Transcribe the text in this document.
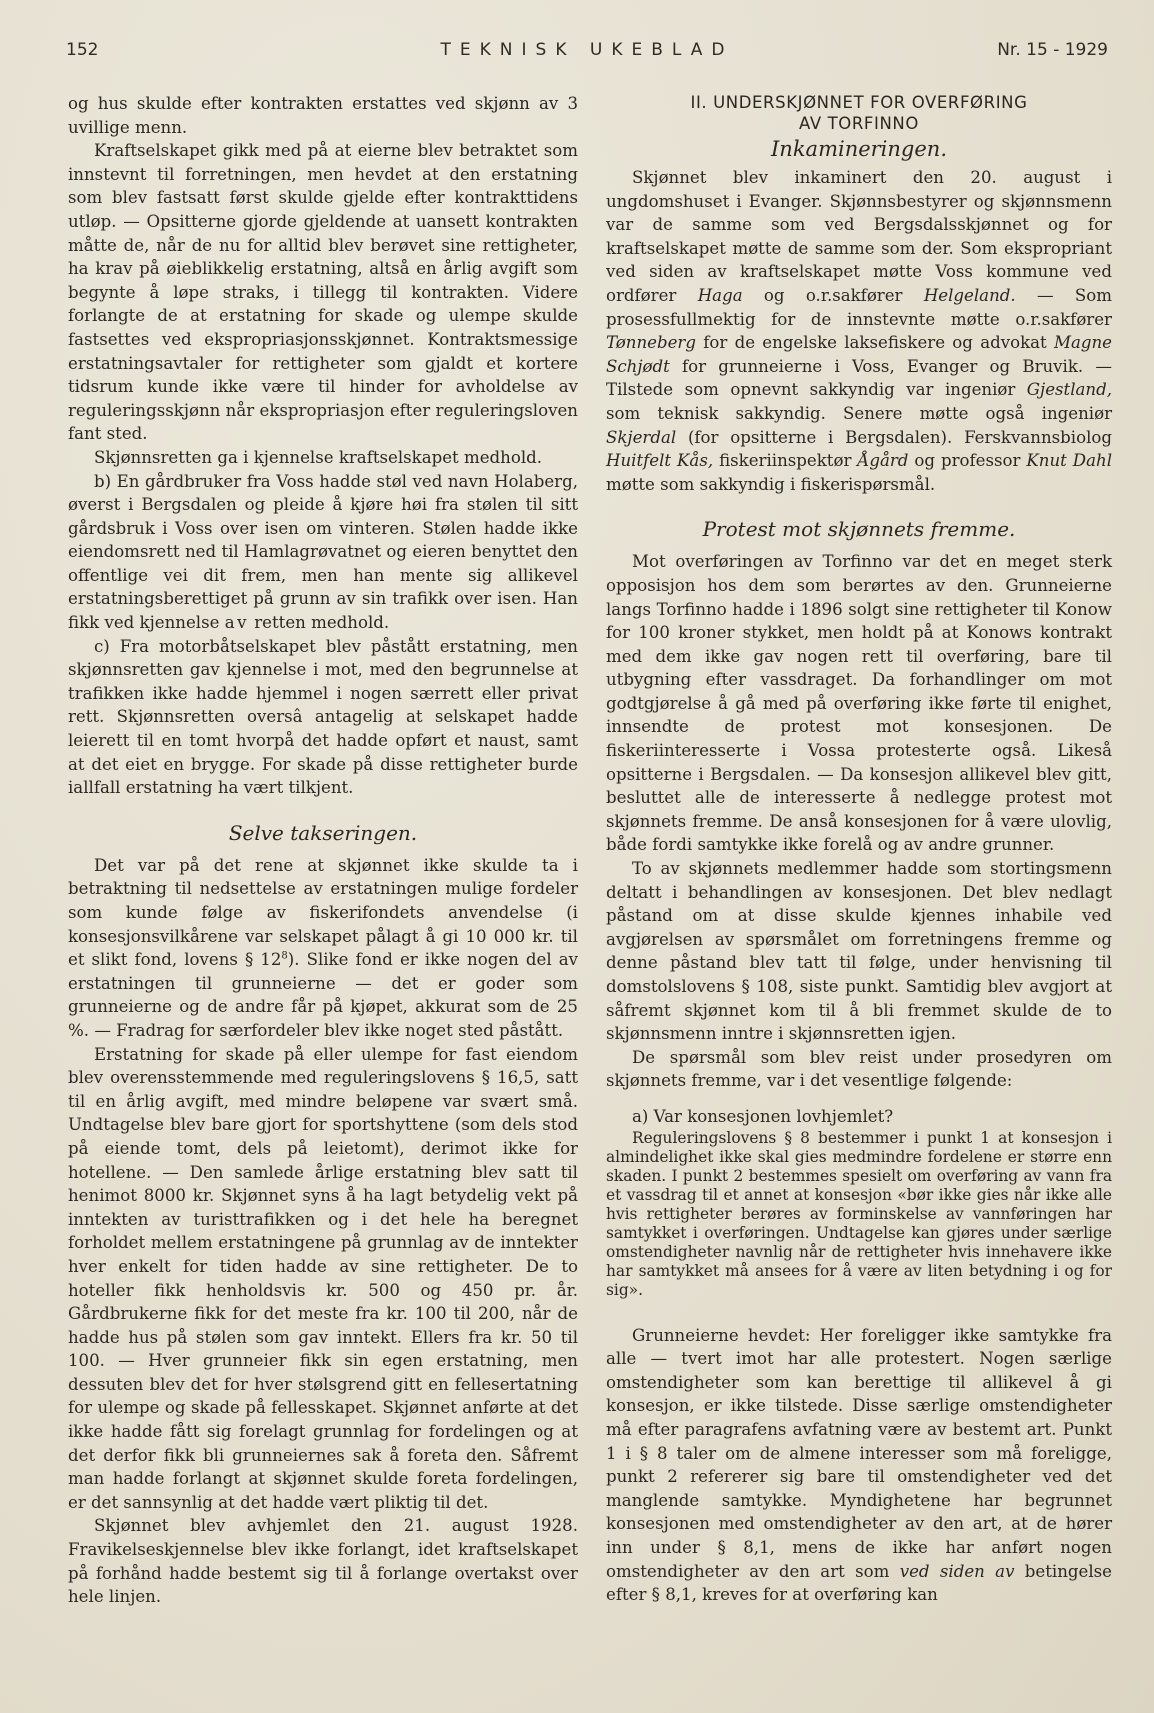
152	TEKNISK UKEBLAD	Nr. 15 - 1929

og hus skulde efter kontrakten erstattes ved skjønn av 3 uvillige menn.

Kraftselskapet gikk med på at eierne blev betraktet som innstevnt til forretningen, men hevdet at den erstatning som blev fastsatt først skulde gjelde efter kontrakttidens utløp. — Opsitterne gjorde gjeldende at uansett kontrakten måtte de, når de nu for alltid blev berøvet sine rettigheter, ha krav på øieblikkelig erstatning, altså en årlig avgift som begynte å løpe straks, i tillegg til kontrakten. Videre forlangte de at erstatning for skade og ulempe skulde fastsettes ved ekspropriasjonsskjønnet. Kontraktsmessige erstatningsavtaler for rettigheter som gjaldt et kortere tidsrum kunde ikke være til hinder for avholdelse av reguleringsskjønn når ekspropriasjon efter reguleringsloven fant sted.

Skjønnsretten ga i kjennelse kraftselskapet medhold.

b) En gårdbruker fra Voss hadde støl ved navn Holaberg, øverst i Bergsdalen og pleide å kjøre høi fra stølen til sitt gårdsbruk i Voss over isen om vinteren. Stølen hadde ikke eiendomsrett ned til Hamlagrøvatnet og eieren benyttet den offentlige vei dit frem, men han mente sig allikevel erstatningsberettiget på grunn av sin trafikk over isen. Han fikk ved kjennelse av retten medhold.

c) Fra motorbåtselskapet blev påstått erstatning, men skjønnsretten gav kjennelse i mot, med den begrunnelse at trafikken ikke hadde hjemmel i nogen særrett eller privat rett. Skjønnsretten oversâ antagelig at selskapet hadde leierett til en tomt hvorpå det hadde opført et naust, samt at det eiet en brygge. For skade på disse rettigheter burde iallfall erstatning ha vært tilkjent.

Selve takseringen.

Det var på det rene at skjønnet ikke skulde ta i betraktning til nedsettelse av erstatningen mulige fordeler som kunde følge av fiskerifondets anvendelse (i konsesjonsvilkårene var selskapet pålagt å gi 10 000 kr. til et slikt fond, lovens § $12^8$). Slike fond er ikke nogen del av erstatningen til grunneierne — det er goder som grunneierne og de andre får på kjøpet, akkurat som de 25 %. — Fradrag for særfordeler blev ikke noget sted påstått.

Erstatning for skade på eller ulempe for fast eiendom blev overensstemmende med reguleringslovens § 16,5, satt til en årlig avgift, med mindre beløpene var svært små. Undtagelse blev bare gjort for sportshyttene (som dels stod på eiende tomt, dels på leietomt), derimot ikke for hotellene. — Den samlede årlige erstatning blev satt til henimot 8000 kr. Skjønnet syns å ha lagt betydelig vekt på inntekten av turisttrafikken og i det hele ha beregnet forholdet mellem erstatningene på grunnlag av de inntekter hver enkelt for tiden hadde av sine rettigheter. De to hoteller fikk henholdsvis kr. 500 og 450 pr. år. Gårdbrukerne fikk for det meste fra kr. 100 til 200, når de hadde hus på stølen som gav inntekt. Ellers fra kr. 50 til 100. — Hver grunneier fikk sin egen erstatning, men dessuten blev det for hver stølsgrend gitt en fellesertatning for ulempe og skade på fellesskapet. Skjønnet anførte at det ikke hadde fått sig forelagt grunnlag for fordelingen og at det derfor fikk bli grunneiernes sak å foreta den. Såfremt man hadde forlangt at skjønnet skulde foreta fordelingen, er det sannsynlig at det hadde vært pliktig til det.

Skjønnet blev avhjemlet den 21. august 1928. Fravikelseskjennelse blev ikke forlangt, idet kraftselskapet på forhånd hadde bestemt sig til å forlange overtakst over hele linjen.

II. UNDERSKJØNNET FOR OVERFØRING
AV TORFINNO
Inkamineringen.

Skjønnet blev inkaminert den 20. august i ungdomshuset i Evanger. Skjønnsbestyrer og skjønnsmenn var de samme som ved Bergsdalsskjønnet og for kraftselskapet møtte de samme som der. Som ekspropriant ved siden av kraftselskapet møtte Voss kommune ved ordfører Haga og o.r.sakfører Helgeland. — Som prosessfullmektig for de innstevnte møtte o.r.sakfører Tønneberg for de engelske laksefiskere og advokat Magne Schjødt for grunneierne i Voss, Evanger og Bruvik. — Tilstede som opnevnt sakkyndig var ingeniør Gjestland, som teknisk sakkyndig. Senere møtte også ingeniør Skjerdal (for opsitterne i Bergsdalen). Ferskvannsbiolog Huitfelt Kås, fiskeriinspektør Ågård og professor Knut Dahl møtte som sakkyndig i fiskerispørsmål.

Protest mot skjønnets fremme.

Mot overføringen av Torfinno var det en meget sterk opposisjon hos dem som berørtes av den. Grunneierne langs Torfinno hadde i 1896 solgt sine rettigheter til Konow for 100 kroner stykket, men holdt på at Konows kontrakt med dem ikke gav nogen rett til overføring, bare til utbygning efter vassdraget. Da forhandlinger om mot godtgjørelse å gå med på overføring ikke førte til enighet, innsendte de protest mot konsesjonen. De fiskeriinteresserte i Vossa protesterte også. Likeså opsitterne i Bergsdalen. — Da konsesjon allikevel blev gitt, besluttet alle de interesserte å nedlegge protest mot skjønnets fremme. De anså konsesjonen for å være ulovlig, både fordi samtykke ikke forelå og av andre grunner.

To av skjønnets medlemmer hadde som stortingsmenn deltatt i behandlingen av konsesjonen. Det blev nedlagt påstand om at disse skulde kjennes inhabile ved avgjørelsen av spørsmålet om forretningens fremme og denne påstand blev tatt til følge, under henvisning til domstolslovens § 108, siste punkt. Samtidig blev avgjort at såfremt skjønnet kom til å bli fremmet skulde de to skjønnsmenn inntre i skjønnsretten igjen.

De spørsmål som blev reist under prosedyren om skjønnets fremme, var i det vesentlige følgende:

a) Var konsesjonen lovhjemlet?

Reguleringslovens § 8 bestemmer i punkt 1 at konsesjon i almindelighet ikke skal gies medmindre fordelene er større enn skaden. I punkt 2 bestemmes spesielt om overføring av vann fra et vassdrag til et annet at konsesjon «bør ikke gies når ikke alle hvis rettigheter berøres av forminskelse av vannføringen har samtykket i overføringen. Undtagelse kan gjøres under særlige omstendigheter navnlig når de rettigheter hvis innehavere ikke har samtykket må ansees for å være av liten betydning i og for sig».

Grunneierne hevdet: Her foreligger ikke samtykke fra alle — tvert imot har alle protestert. Nogen særlige omstendigheter som kan berettige til allikevel å gi konsesjon, er ikke tilstede. Disse særlige omstendigheter må efter paragrafens avfatning være av bestemt art. Punkt 1 i § 8 taler om de almene interesser som må foreligge, punkt 2 refererer sig bare til omstendigheter ved det manglende samtykke. Myndighetene har begrunnet konsesjonen med omstendigheter av den art, at de hører inn under § 8,1, mens de ikke har anført nogen omstendigheter av den art som ved siden av betingelse efter § 8,1, kreves for at overføring kan
